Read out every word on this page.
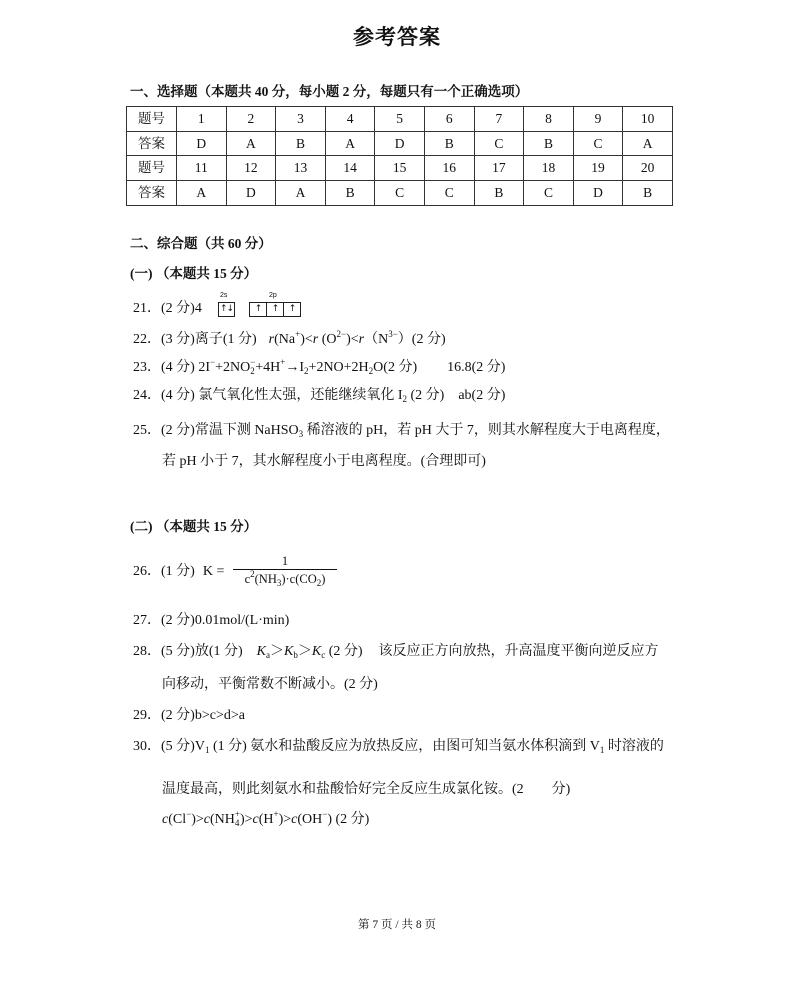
参考答案
一、选择题（本题共 40 分，每小题 2 分，每题只有一个正确选项）
题号	1	2	3	4	5	6	7	8	9	10
答案	D	A	B	A	D	B	C	B	C	A
题号	11	12	13	14	15	16	17	18	19	20
答案	A	D	A	B	C	C	B	C	D	B
二、综合题（共 60 分）
(一) （本题共 15 分）
21． (2 分)4
2s
↑↓
2p
↑	↑	↑
22． (3 分)离子(1 分) r (Na+ )< r ($O^{2-}$ )< r （$N^{3-}$ ）(2 分)
23． (4 分) $2I^- +2NO_2$
$^- +4H^+ \to I_2 +2NO+2H_2$ O(2 分) 16.8(2 分)
24． (4 分) 氯气氧化性太强，还能继续氧化 $I_2$ (2 分) ab(2 分)
25． (2 分)常温下测 NaHSO$_3$ 稀溶液的 pH，若 pH 大于 7，则其水解程度大于电离程度，
若 pH 小于 7，其水解程度小于电离程度。(合理即可)
(二) （本题共 15 分）
26． (1 分) K =
1
$c^2$ ($NH_3$ )$\cdot c(CO_2$ )
27． (2 分)0.01mol/(L·min)
28． (5 分)放(1 分) $K_a > K_b > K_c$ (2 分) 该反应正方向放热，升高温度平衡向逆反应方
向移动，平衡常数不断减小。(2 分)
29． (2 分)b>c>d>a
30． (5 分)$V_1$ (1 分) 氨水和盐酸反应为放热反应，由图可知当氨水体积滴到 $V_1$ 时溶液的
温度最高，则此刻氨水和盐酸恰好完全反应生成氯化铵。(2 分)
c (Cl− )> c ($NH_4$
+ )> c (H+ )> c (OH− ) (2 分)
第 7 页 / 共 8 页
